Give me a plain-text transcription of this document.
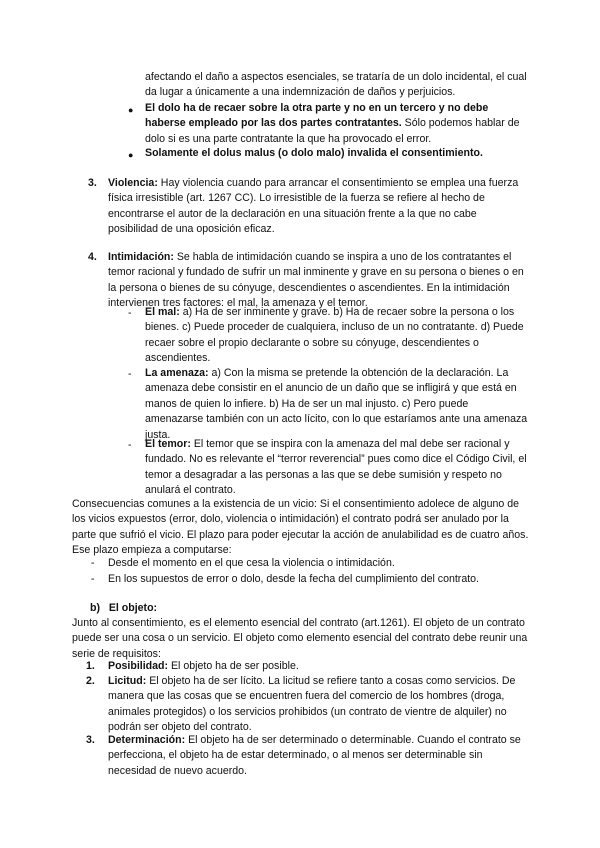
afectando el daño a aspectos esenciales, se trataría de un dolo incidental, el cual da lugar a únicamente a una indemnización de daños y perjuicios.

● El dolo ha de recaer sobre la otra parte y no en un tercero y no debe haberse empleado por las dos partes contratantes. Sólo podemos hablar de dolo si es una parte contratante la que ha provocado el error.

● Solamente el dolus malus (o dolo malo) invalida el consentimiento.

3. Violencia: Hay violencia cuando para arrancar el consentimiento se emplea una fuerza física irresistible (art. 1267 CC). Lo irresistible de la fuerza se refiere al hecho de encontrarse el autor de la declaración en una situación frente a la que no cabe posibilidad de una oposición eficaz.

4. Intimidación: Se habla de intimidación cuando se inspira a uno de los contratantes el temor racional y fundado de sufrir un mal inminente y grave en su persona o bienes o en la persona o bienes de su cónyuge, descendientes o ascendientes. En la intimidación intervienen tres factores: el mal, la amenaza y el temor.

- El mal: a) Ha de ser inminente y grave. b) Ha de recaer sobre la persona o los bienes. c) Puede proceder de cualquiera, incluso de un no contratante. d) Puede recaer sobre el propio declarante o sobre su cónyuge, descendientes o ascendientes.

- La amenaza: a) Con la misma se pretende la obtención de la declaración. La amenaza debe consistir en el anuncio de un daño que se infligirá y que está en manos de quien lo infiere. b) Ha de ser un mal injusto. c) Pero puede amenazarse también con un acto lícito, con lo que estaríamos ante una amenaza justa.

- El temor: El temor que se inspira con la amenaza del mal debe ser racional y fundado. No es relevante el “terror reverencial” pues como dice el Código Civil, el temor a desagradar a las personas a las que se debe sumisión y respeto no anulará el contrato.

Consecuencias comunes a la existencia de un vicio: Si el consentimiento adolece de alguno de los vicios expuestos (error, dolo, violencia o intimidación) el contrato podrá ser anulado por la parte que sufrió el vicio. El plazo para poder ejecutar la acción de anulabilidad es de cuatro años. Ese plazo empieza a computarse:

- Desde el momento en el que cesa la violencia o intimidación.

- En los supuestos de error o dolo, desde la fecha del cumplimiento del contrato.

b)   El objeto:

Junto al consentimiento, es el elemento esencial del contrato (art.1261). El objeto de un contrato puede ser una cosa o un servicio. El objeto como elemento esencial del contrato debe reunir una serie de requisitos:

1. Posibilidad: El objeto ha de ser posible.

2. Licitud: El objeto ha de ser lícito. La licitud se refiere tanto a cosas como servicios. De manera que las cosas que se encuentren fuera del comercio de los hombres (droga, animales protegidos) o los servicios prohibidos (un contrato de vientre de alquiler) no podrán ser objeto del contrato.

3. Determinación: El objeto ha de ser determinado o determinable. Cuando el contrato se perfecciona, el objeto ha de estar determinado, o al menos ser determinable sin necesidad de nuevo acuerdo.
